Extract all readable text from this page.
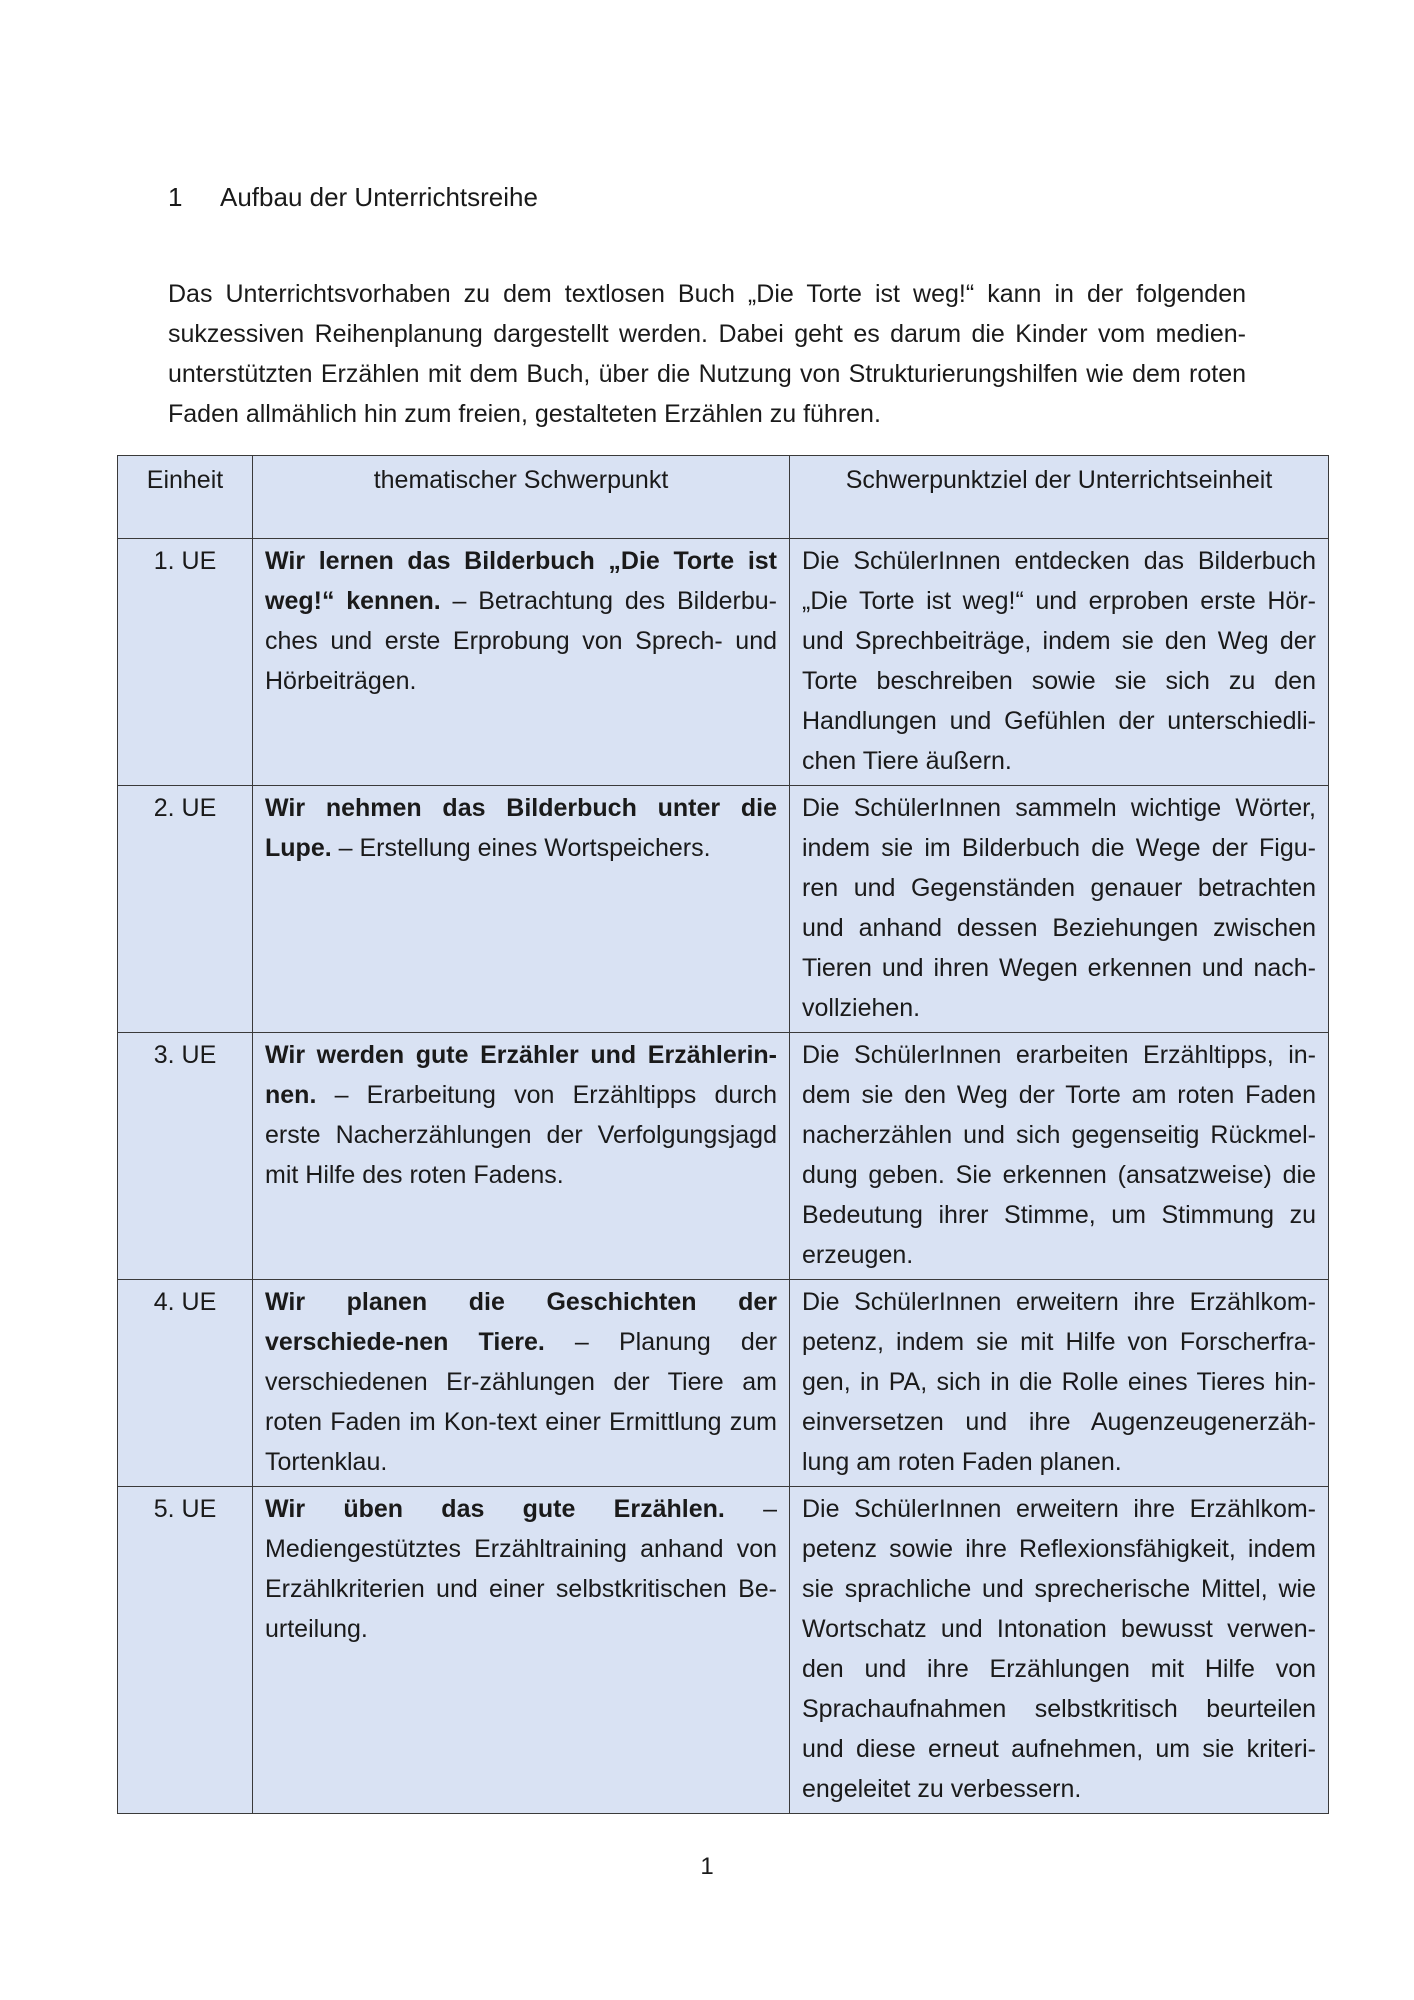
1	Aufbau der Unterrichtsreihe
Das Unterrichtsvorhaben zu dem textlosen Buch „Die Torte ist weg!“ kann in der folgenden sukzessiven Reihenplanung dargestellt werden. Dabei geht es darum die Kinder vom medien-unterstützten Erzählen mit dem Buch, über die Nutzung von Strukturierungshilfen wie dem roten Faden allmählich hin zum freien, gestalteten Erzählen zu führen.
Einheit	thematischer Schwerpunkt	Schwerpunktziel der Unterrichtseinheit
1. UE	Wir lernen das Bilderbuch „Die Torte ist weg!“ kennen. – Betrachtung des Bilderbu-ches und erste Erprobung von Sprech- und Hörbeiträgen.	Die SchülerInnen entdecken das Bilderbuch „Die Torte ist weg!“ und erproben erste Hör- und Sprechbeiträge, indem sie den Weg der Torte beschreiben sowie sie sich zu den Handlungen und Gefühlen der unterschiedli-chen Tiere äußern.
2. UE	Wir nehmen das Bilderbuch unter die Lupe. – Erstellung eines Wortspeichers.	Die SchülerInnen sammeln wichtige Wörter, indem sie im Bilderbuch die Wege der Figu-ren und Gegenständen genauer betrachten und anhand dessen Beziehungen zwischen Tieren und ihren Wegen erkennen und nach-vollziehen.
3. UE	Wir werden gute Erzähler und Erzählerin-nen. – Erarbeitung von Erzähltipps durch erste Nacherzählungen der Verfolgungsjagd mit Hilfe des roten Fadens.	Die SchülerInnen erarbeiten Erzähltipps, in-dem sie den Weg der Torte am roten Faden nacherzählen und sich gegenseitig Rückmel-dung geben. Sie erkennen (ansatzweise) die Bedeutung ihrer Stimme, um Stimmung zu erzeugen.
4. UE	Wir planen die Geschichten der verschiede-nen Tiere. – Planung der verschiedenen Er-zählungen der Tiere am roten Faden im Kon-text einer Ermittlung zum Tortenklau.	Die SchülerInnen erweitern ihre Erzählkom-petenz, indem sie mit Hilfe von Forscherfra-gen, in PA, sich in die Rolle eines Tieres hin-einversetzen und ihre Augenzeugenerzäh-lung am roten Faden planen.
5. UE	Wir üben das gute Erzählen. – Mediengestütztes Erzähltraining anhand von Erzählkriterien und einer selbstkritischen Be-urteilung.	Die SchülerInnen erweitern ihre Erzählkom-petenz sowie ihre Reflexionsfähigkeit, indem sie sprachliche und sprecherische Mittel, wie Wortschatz und Intonation bewusst verwen-den und ihre Erzählungen mit Hilfe von Sprachaufnahmen selbstkritisch beurteilen und diese erneut aufnehmen, um sie kriteri-engeleitet zu verbessern.
1
